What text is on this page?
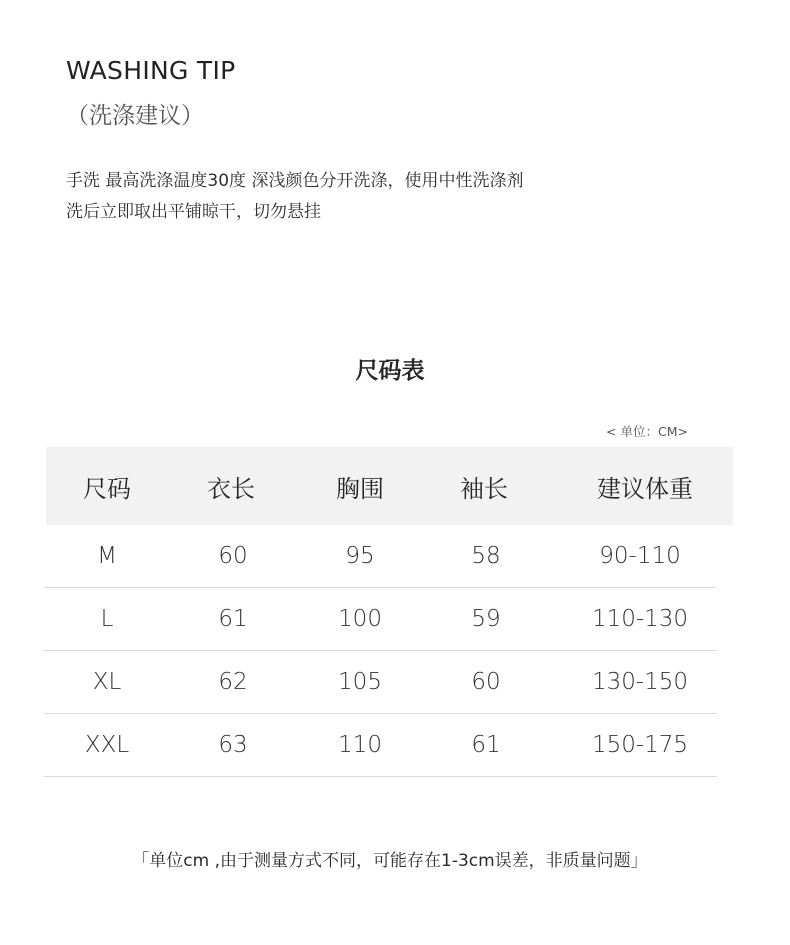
WASHING TIP
（洗涤建议）
手洗 最高洗涤温度30度 深浅颜色分开洗涤，使用中性洗涤剂
洗后立即取出平铺晾干，切勿悬挂
尺码表
< 单位：CM>
尺码	衣长	胸围	袖长	建议体重
M	60	95	58	90-110
L	61	100	59	110-130
XL	62	105	60	130-150
XXL	63	110	61	150-175
「单位cm ,由于测量方式不同，可能存在1-3cm误差，非质量问题」
